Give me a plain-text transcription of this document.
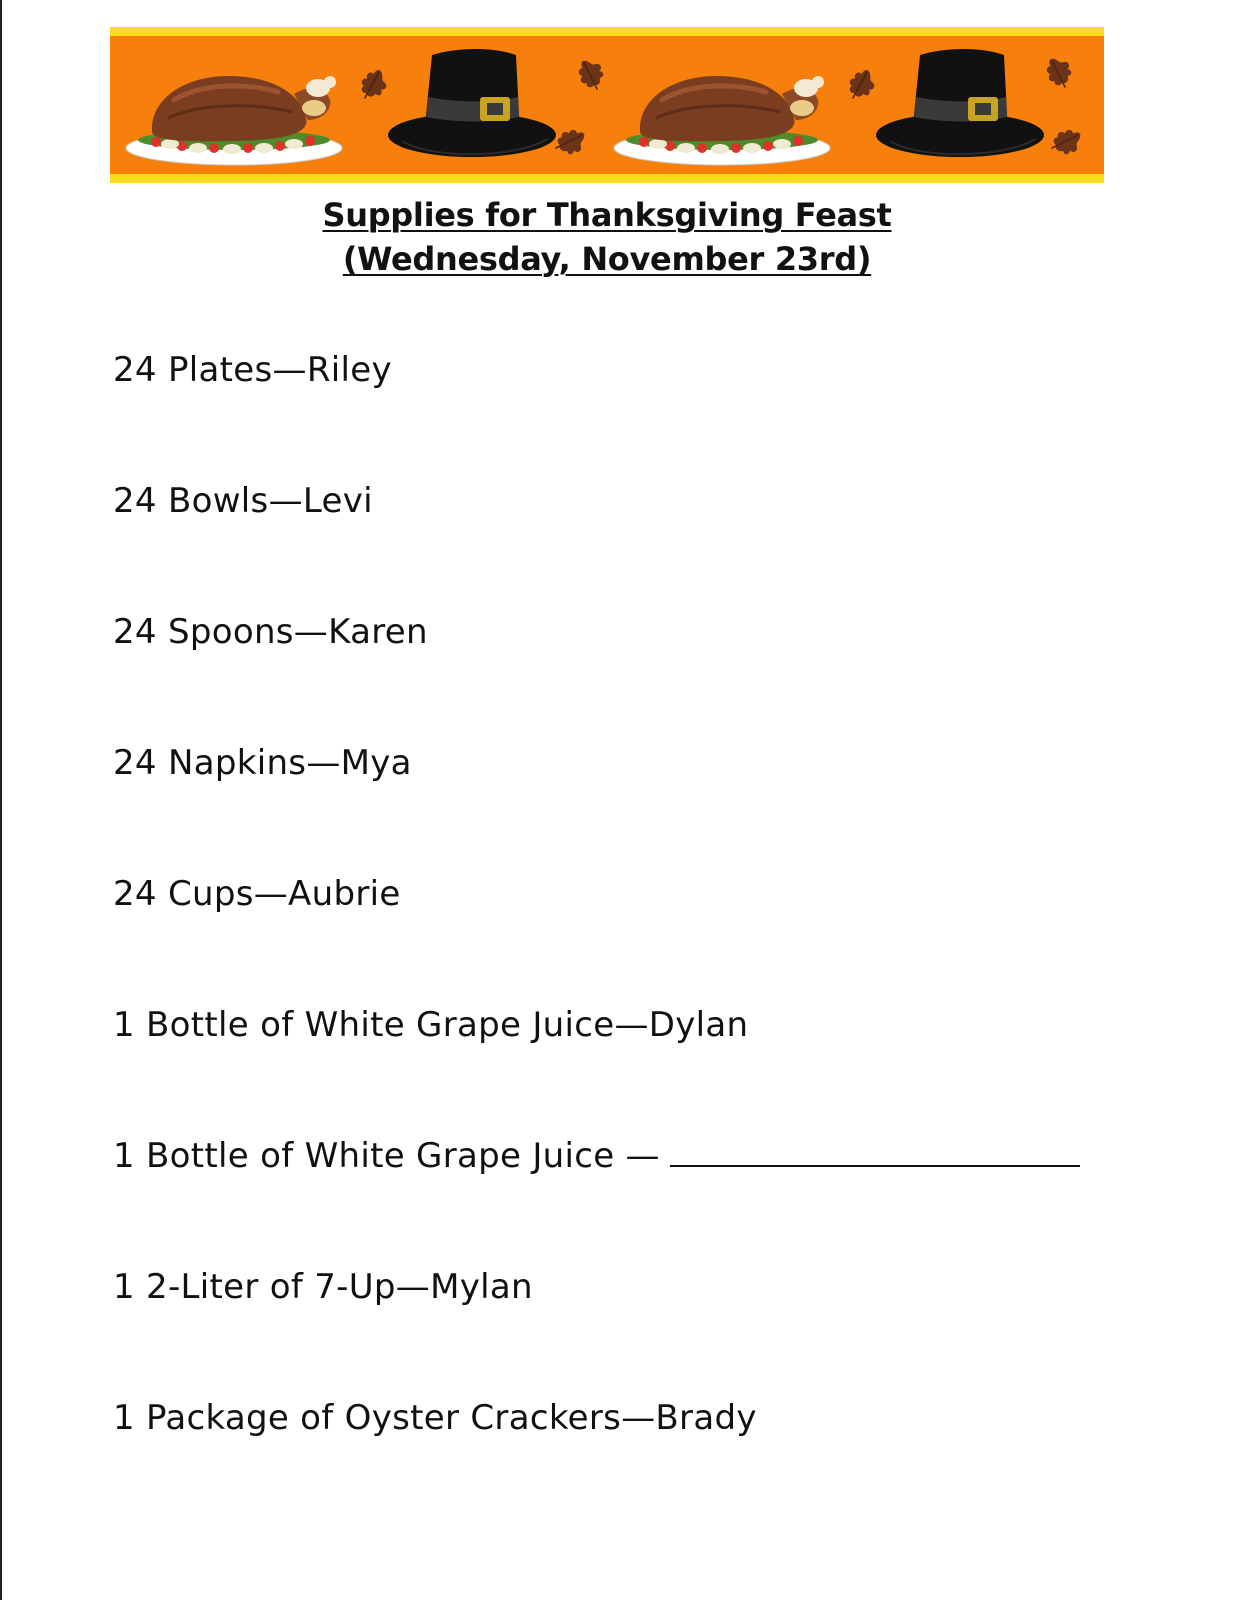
Supplies for Thanksgiving Feast
(Wednesday, November 23rd)
24 Plates—Riley
24 Bowls—Levi
24 Spoons—Karen
24 Napkins—Mya
24 Cups—Aubrie
1 Bottle of White Grape Juice—Dylan
1 Bottle of White Grape Juice —
1 2-Liter of 7-Up—Mylan
1 Package of Oyster Crackers—Brady
